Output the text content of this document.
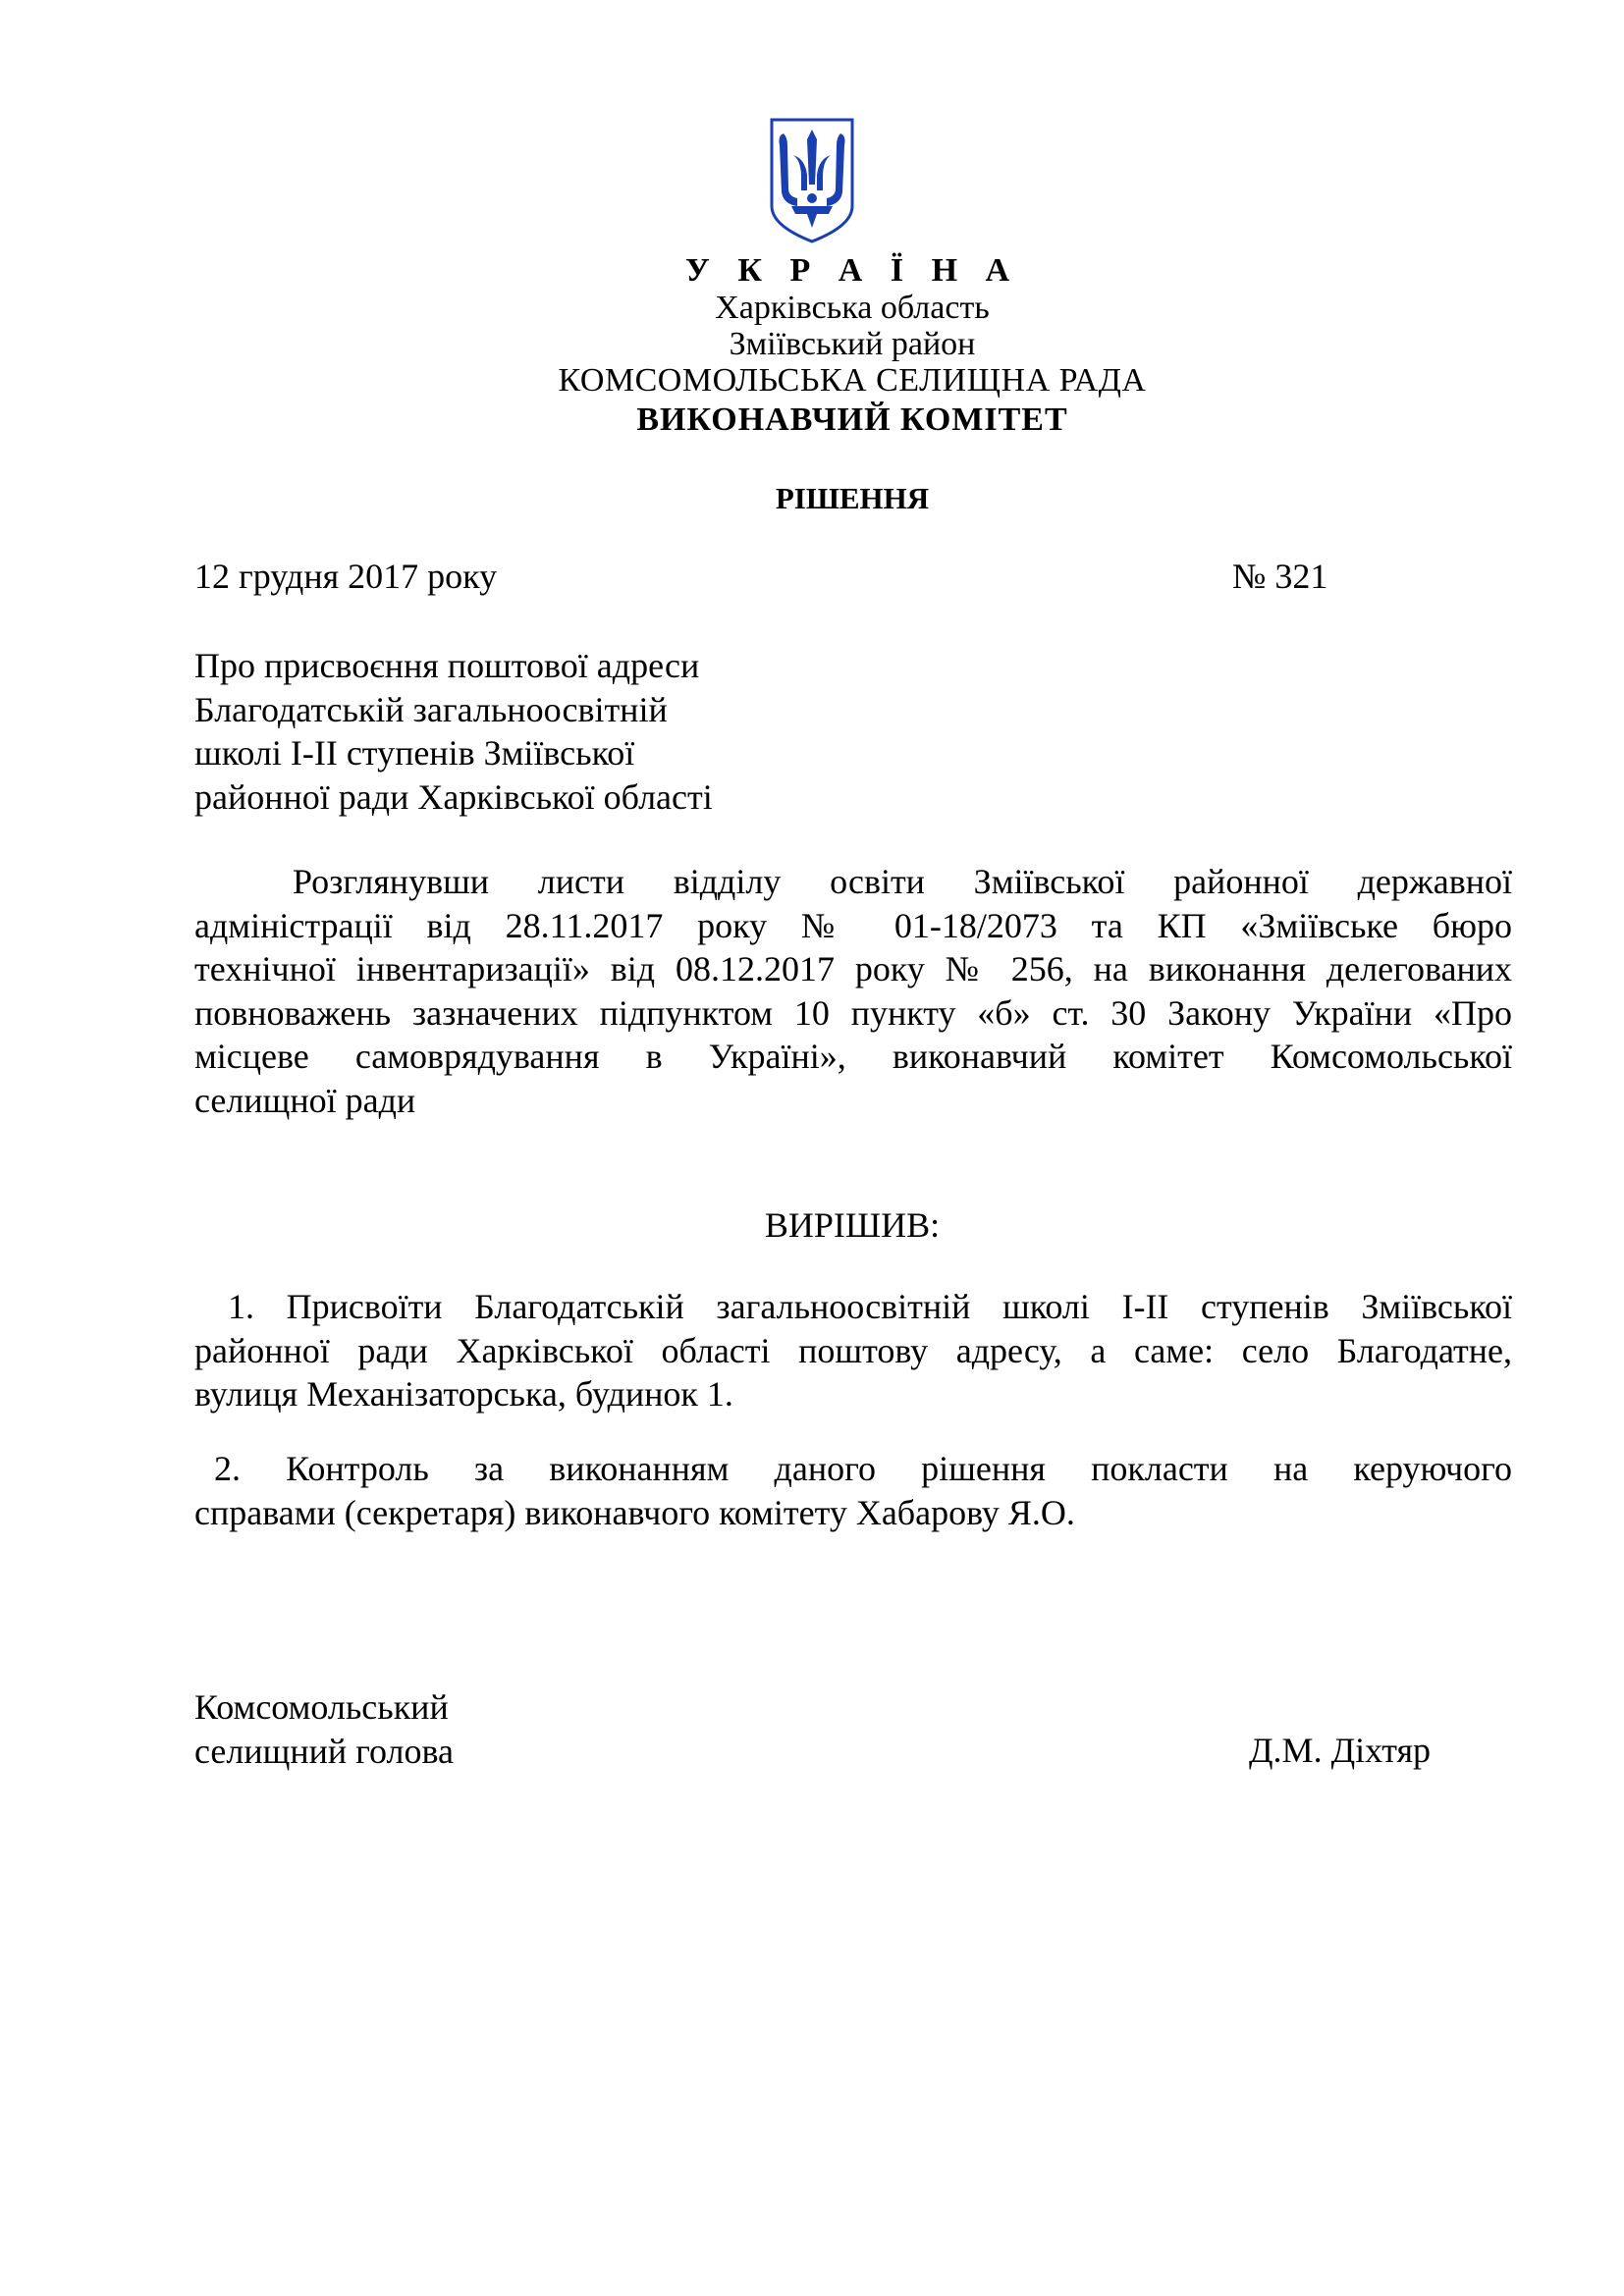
У К Р А Ї Н А
Харківська область
Зміївський район
КОМСОМОЛЬСЬКА СЕЛИЩНА РАДА
ВИКОНАВЧИЙ КОМІТЕТ
РІШЕННЯ
12 грудня 2017 року	№ 321
Про присвоєння поштової адреси
Благодатській загальноосвітній
школі І-ІІ ступенів Зміївської
районної ради Харківської області
Розглянувши листи відділу освіти Зміївської районної державної
адміністрації від 28.11.2017 року № 01-18/2073 та КП «Зміївське бюро
технічної інвентаризації» від 08.12.2017 року № 256, на виконання делегованих
повноважень зазначених підпунктом 10 пункту «б» ст. 30 Закону України «Про
місцеве самоврядування в Україні», виконавчий комітет Комсомольської
селищної ради
ВИРІШИВ:
1. Присвоїти Благодатській загальноосвітній школі І-ІІ ступенів Зміївської
районної ради Харківської області поштову адресу, а саме: село Благодатне,
вулиця Механізаторська, будинок 1.
2. Контроль за виконанням даного рішення покласти на керуючого
справами (секретаря) виконавчого комітету Хабарову Я.О.
Комсомольський
селищний голова	Д.М. Діхтяр
